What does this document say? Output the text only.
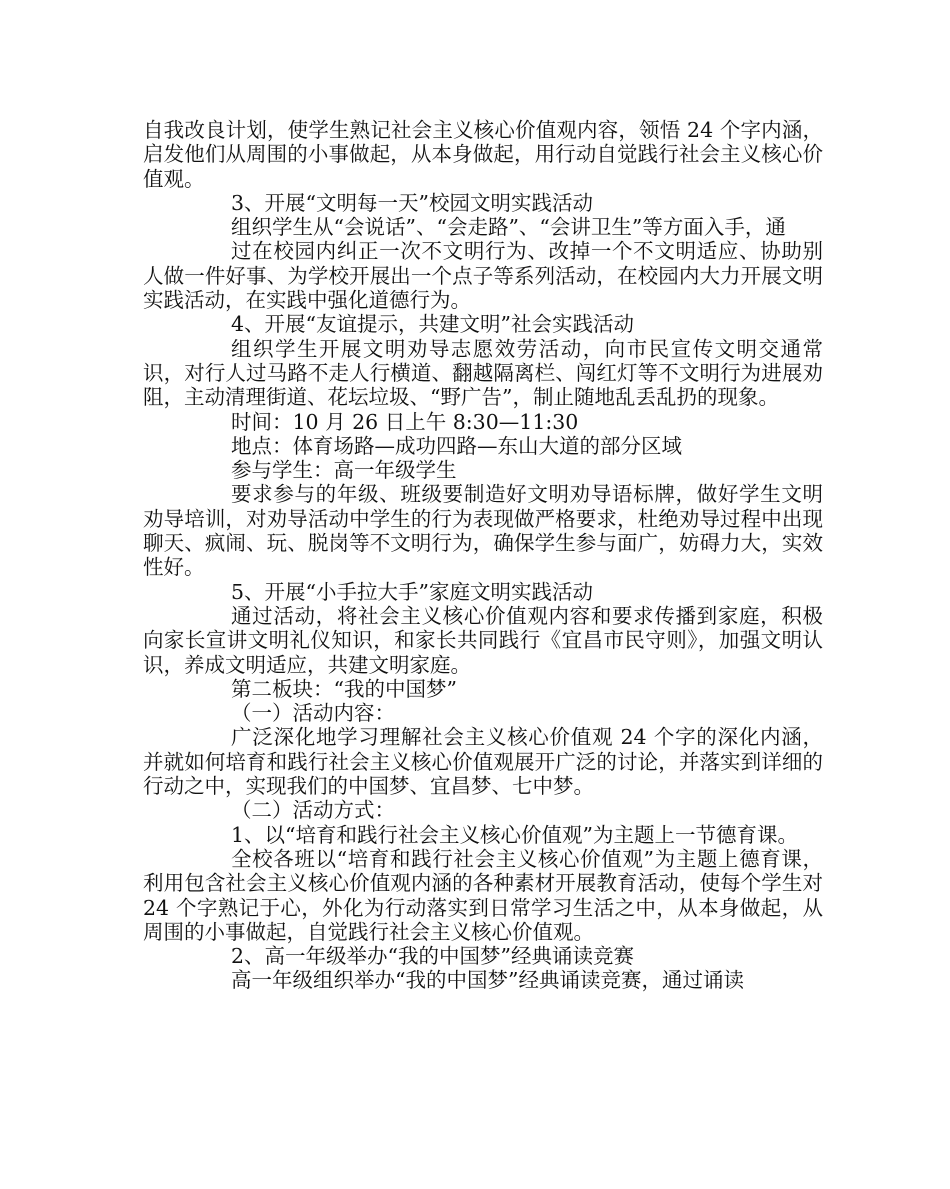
自我改良计划，使学生熟记社会主义核心价值观内容，领悟 24 个字内涵，启发他们从周围的小事做起，从本身做起，用行动自觉践行社会主义核心价值观。

3、开展“文明每一天”校园文明实践活动

组织学生从“会说话”、“会走路”、“会讲卫生”等方面入手，通

过在校园内纠正一次不文明行为、改掉一个不文明适应、协助别人做一件好事、为学校开展出一个点子等系列活动，在校园内大力开展文明实践活动，在实践中强化道德行为。

4、开展“友谊提示，共建文明”社会实践活动

组织学生开展文明劝导志愿效劳活动，向市民宣传文明交通常识，对行人过马路不走人行横道、翻越隔离栏、闯红灯等不文明行为进展劝阻，主动清理街道、花坛垃圾、“野广告”，制止随地乱丢乱扔的现象。

时间：10 月 26 日上午 8:30—11:30

地点：体育场路—成功四路—东山大道的部分区域

参与学生：高一年级学生

要求参与的年级、班级要制造好文明劝导语标牌，做好学生文明劝导培训，对劝导活动中学生的行为表现做严格要求，杜绝劝导过程中出现聊天、疯闹、玩、脱岗等不文明行为，确保学生参与面广，妨碍力大，实效性好。

5、开展“小手拉大手”家庭文明实践活动

通过活动，将社会主义核心价值观内容和要求传播到家庭，积极向家长宣讲文明礼仪知识，和家长共同践行《宜昌市民守则》，加强文明认识，养成文明适应，共建文明家庭。

第二板块：“我的中国梦”

（一）活动内容：

广泛深化地学习理解社会主义核心价值观 24 个字的深化内涵，并就如何培育和践行社会主义核心价值观展开广泛的讨论，并落实到详细的行动之中，实现我们的中国梦、宜昌梦、七中梦。

（二）活动方式：

1、以“培育和践行社会主义核心价值观”为主题上一节德育课。

全校各班以“培育和践行社会主义核心价值观”为主题上德育课，利用包含社会主义核心价值观内涵的各种素材开展教育活动，使每个学生对 24 个字熟记于心，外化为行动落实到日常学习生活之中，从本身做起，从周围的小事做起，自觉践行社会主义核心价值观。

2、高一年级举办“我的中国梦”经典诵读竞赛

高一年级组织举办“我的中国梦”经典诵读竞赛，通过诵读
